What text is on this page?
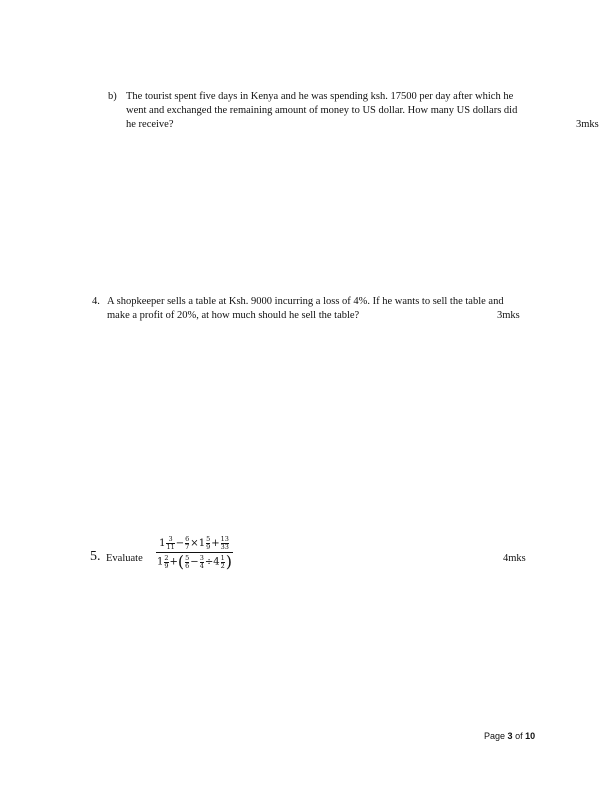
b) The tourist spent five days in Kenya and he was spending ksh. 17500 per day after which he went and exchanged the remaining amount of money to US dollar. How many US dollars did he receive?	3mks
4. A shopkeeper sells a table at Ksh. 9000 incurring a loss of 4%. If he wants to sell the table and make a profit of 20%, at how much should he sell the table?	3mks
5. Evaluate $\frac{1 \frac{3}{11} - \frac{6}{7} \times 1 \frac{5}{9} + \frac{13}{33}}{1 \frac{2}{9} +( \frac{5}{6} - \frac{3}{4} \div 4 \frac{1}{2} )}$	4mks
Page 3 of 10
